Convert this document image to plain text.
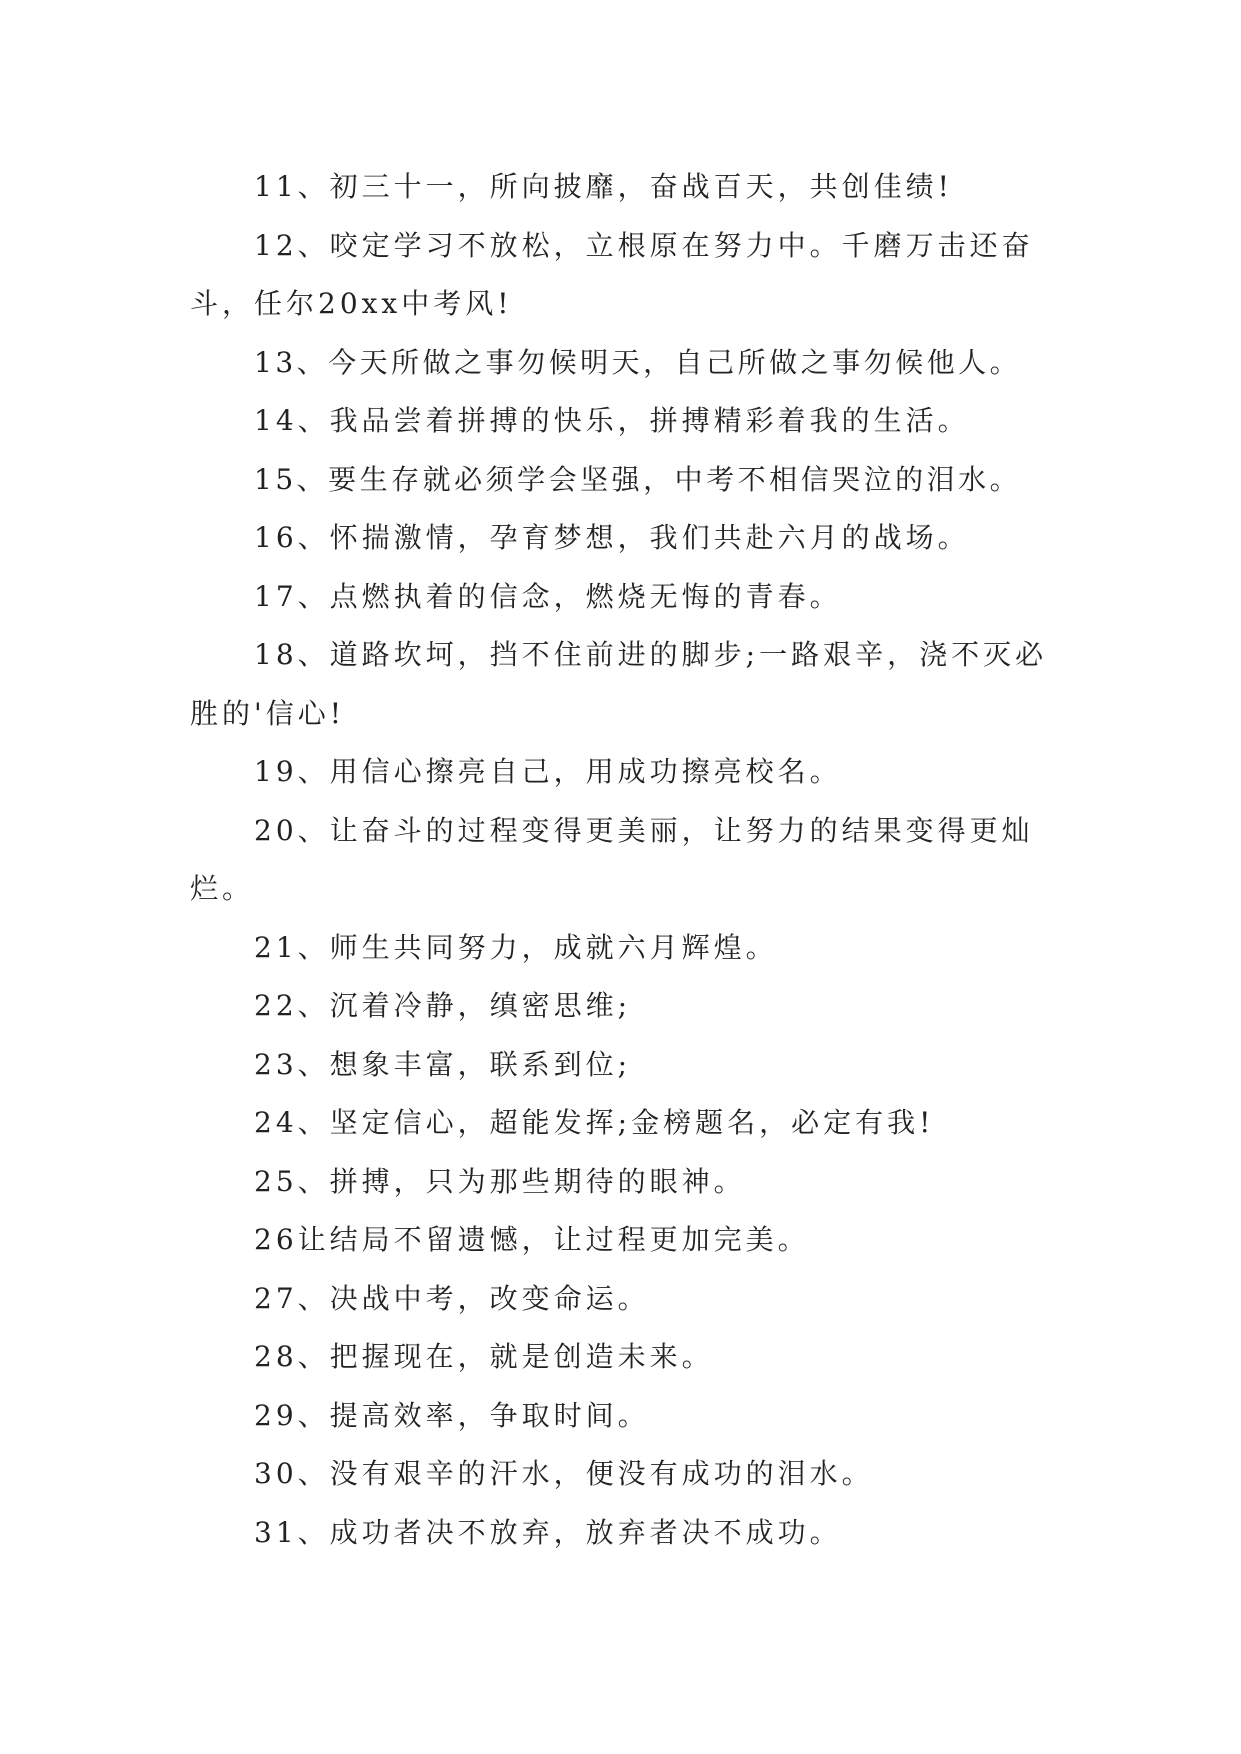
11、初三十一，所向披靡，奋战百天，共创佳绩!

12、咬定学习不放松，立根原在努力中。千磨万击还奋斗，任尔20xx中考风!

13、今天所做之事勿候明天，自己所做之事勿候他人。

14、我品尝着拼搏的快乐，拼搏精彩着我的生活。

15、要生存就必须学会坚强，中考不相信哭泣的泪水。

16、怀揣激情，孕育梦想，我们共赴六月的战场。

17、点燃执着的信念，燃烧无悔的青春。

18、道路坎坷，挡不住前进的脚步;一路艰辛，浇不灭必胜的'信心!

19、用信心擦亮自己，用成功擦亮校名。

20、让奋斗的过程变得更美丽，让努力的结果变得更灿烂。

21、师生共同努力，成就六月辉煌。

22、沉着冷静，缜密思维;

23、想象丰富，联系到位;

24、坚定信心，超能发挥;金榜题名，必定有我!

25、拼搏，只为那些期待的眼神。

26让结局不留遗憾，让过程更加完美。

27、决战中考，改变命运。

28、把握现在，就是创造未来。

29、提高效率，争取时间。

30、没有艰辛的汗水，便没有成功的泪水。

31、成功者决不放弃，放弃者决不成功。
